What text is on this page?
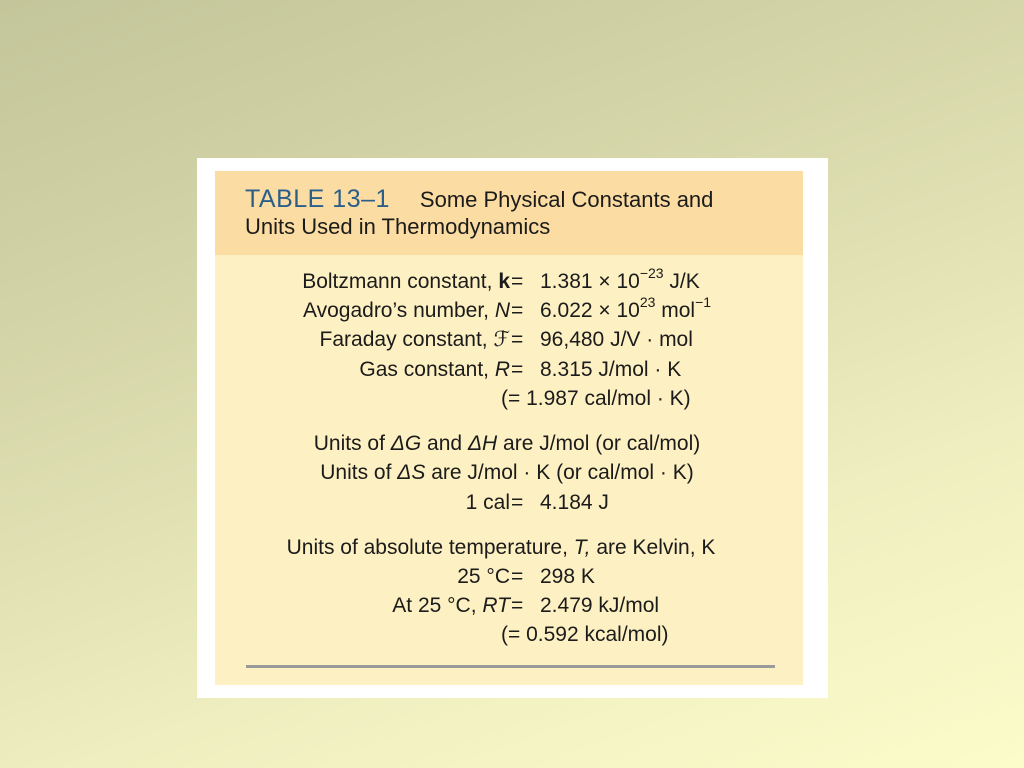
TABLE 13–1 Some Physical Constants and
Units Used in Thermodynamics
Boltzmann constant, $k = 1.381 \times 10^{-23}$ J/K
Avogadro’s number, $N = 6.022 \times 10^{23}$ mol$^{-1}$
Faraday constant, ℱ = 96,480 J/V · mol
Gas constant, R = 8.315 J/mol · K
(= 1.987 cal/mol · K)
Units of ΔG and ΔH are J/mol (or cal/mol)
Units of ΔS are J/mol · K (or cal/mol · K)
1 cal = 4.184 J
Units of absolute temperature, T, are Kelvin, K
25 °C = 298 K
At 25 °C, RT = 2.479 kJ/mol
(= 0.592 kcal/mol)
